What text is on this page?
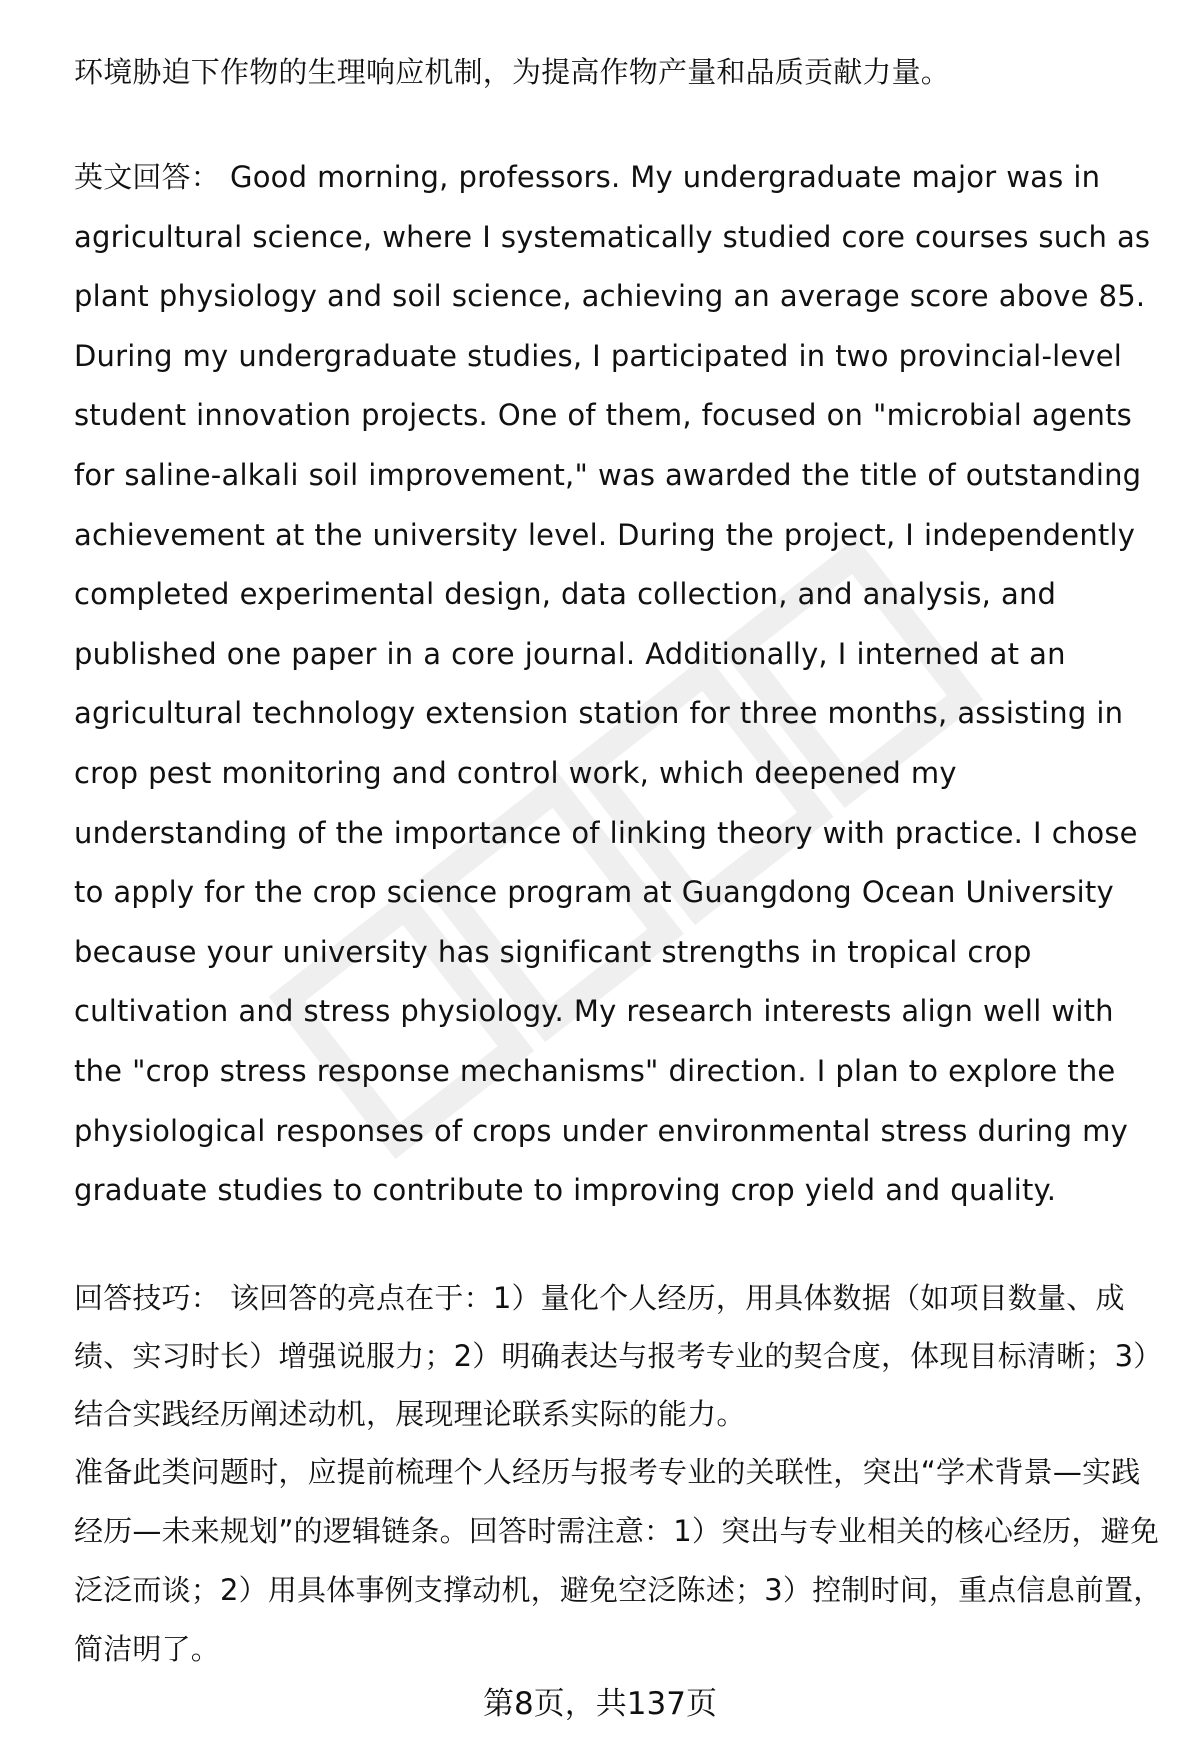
环境胁迫下作物的生理响应机制，为提高作物产量和品质贡献力量。

英文回答： Good morning, professors. My undergraduate major was in agricultural science, where I systematically studied core courses such as plant physiology and soil science, achieving an average score above 85. During my undergraduate studies, I participated in two provincial-level student innovation projects. One of them, focused on "microbial agents for saline-alkali soil improvement," was awarded the title of outstanding achievement at the university level. During the project, I independently completed experimental design, data collection, and analysis, and published one paper in a core journal. Additionally, I interned at an agricultural technology extension station for three months, assisting in crop pest monitoring and control work, which deepened my understanding of the importance of linking theory with practice. I chose to apply for the crop science program at Guangdong Ocean University because your university has significant strengths in tropical crop cultivation and stress physiology. My research interests align well with the "crop stress response mechanisms" direction. I plan to explore the physiological responses of crops under environmental stress during my graduate studies to contribute to improving crop yield and quality.

回答技巧： 该回答的亮点在于：1）量化个人经历，用具体数据（如项目数量、成绩、实习时长）增强说服力；2）明确表达与报考专业的契合度，体现目标清晰；3）结合实践经历阐述动机，展现理论联系实际的能力。

准备此类问题时，应提前梳理个人经历与报考专业的关联性，突出“学术背景—实践经历—未来规划”的逻辑链条。回答时需注意：1）突出与专业相关的核心经历，避免泛泛而谈；2）用具体事例支撑动机，避免空泛陈述；3）控制时间，重点信息前置，简洁明了。

第8页，共137页
